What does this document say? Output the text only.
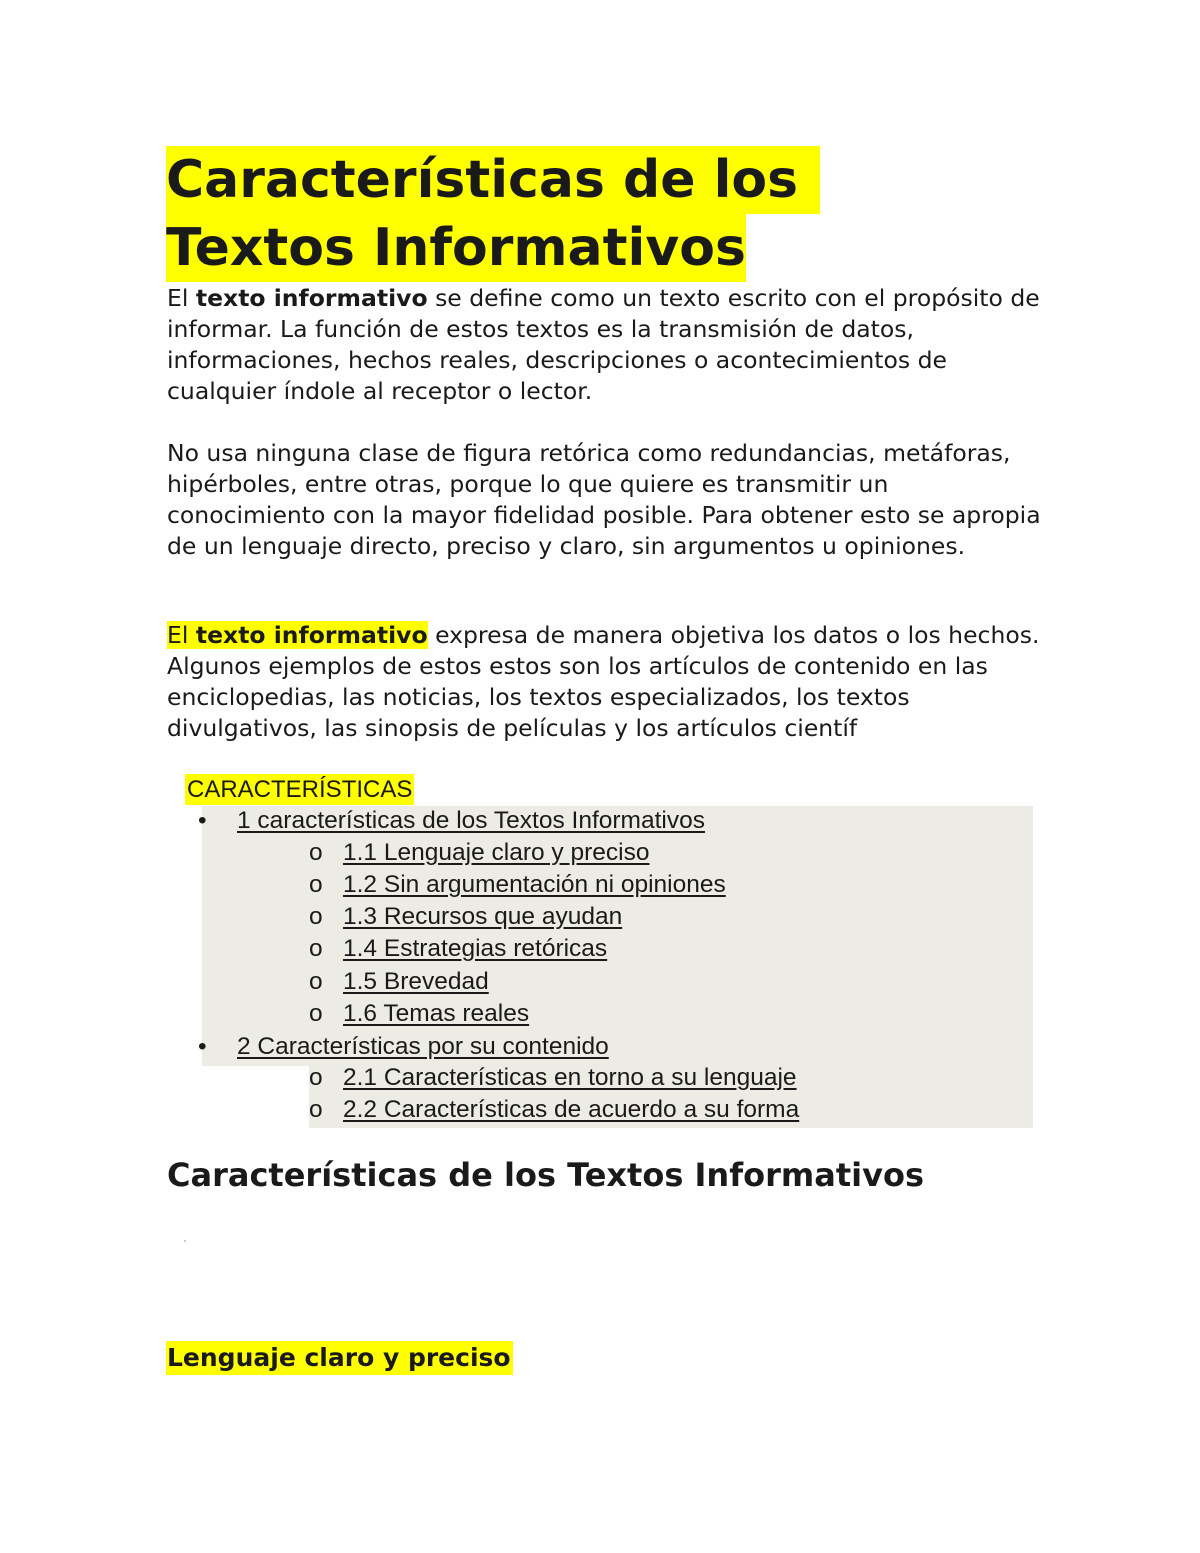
Características de los
Textos Informativos

El texto informativo se define como un texto escrito con el propósito de informar. La función de estos textos es la transmisión de datos, informaciones, hechos reales, descripciones o acontecimientos de cualquier índole al receptor o lector.

No usa ninguna clase de figura retórica como redundancias, metáforas, hipérboles, entre otras, porque lo que quiere es transmitir un conocimiento con la mayor fidelidad posible. Para obtener esto se apropia de un lenguaje directo, preciso y claro, sin argumentos u opiniones.

El texto informativo expresa de manera objetiva los datos o los hechos. Algunos ejemplos de estos estos son los artículos de contenido en las enciclopedias, las noticias, los textos especializados, los textos divulgativos, las sinopsis de películas y los artículos científ

CARACTERÍSTICAS
• 1 características de los Textos Informativos
o 1.1 Lenguaje claro y preciso
o 1.2 Sin argumentación ni opiniones
o 1.3 Recursos que ayudan
o 1.4 Estrategias retóricas
o 1.5 Brevedad
o 1.6 Temas reales
• 2 Características por su contenido
o 2.1 Características en torno a su lenguaje
o 2.2 Características de acuerdo a su forma
Características de los Textos Informativos
Lenguaje claro y preciso
